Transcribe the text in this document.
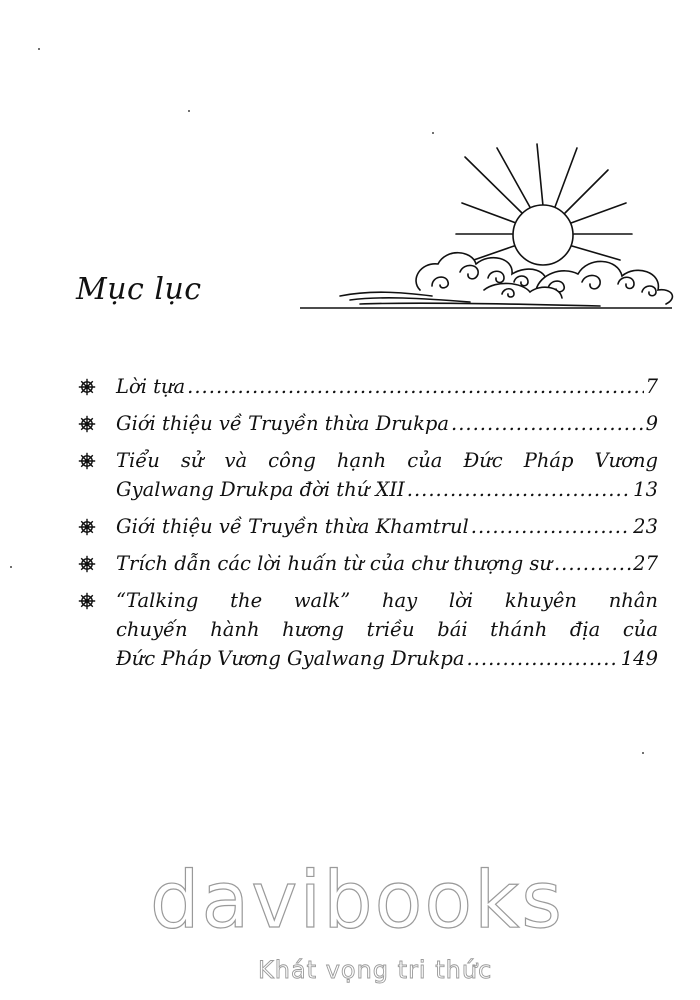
Mục lục
Lời tựa .....	7
Giới thiệu về Truyền thừa Drukpa .....	9
Tiểu sử và công hạnh của Đức Pháp Vương
Gyalwang Drukpa đời thứ XII .....	13
Giới thiệu về Truyền thừa Khamtrul .....	23
Trích dẫn các lời huấn từ của chư thượng sư .....	27
“Talking the walk” hay lời khuyên nhân
chuyến hành hương triều bái thánh địa của
Đức Pháp Vương Gyalwang Drukpa .....	149
davibooks
Khát vọng tri thức
